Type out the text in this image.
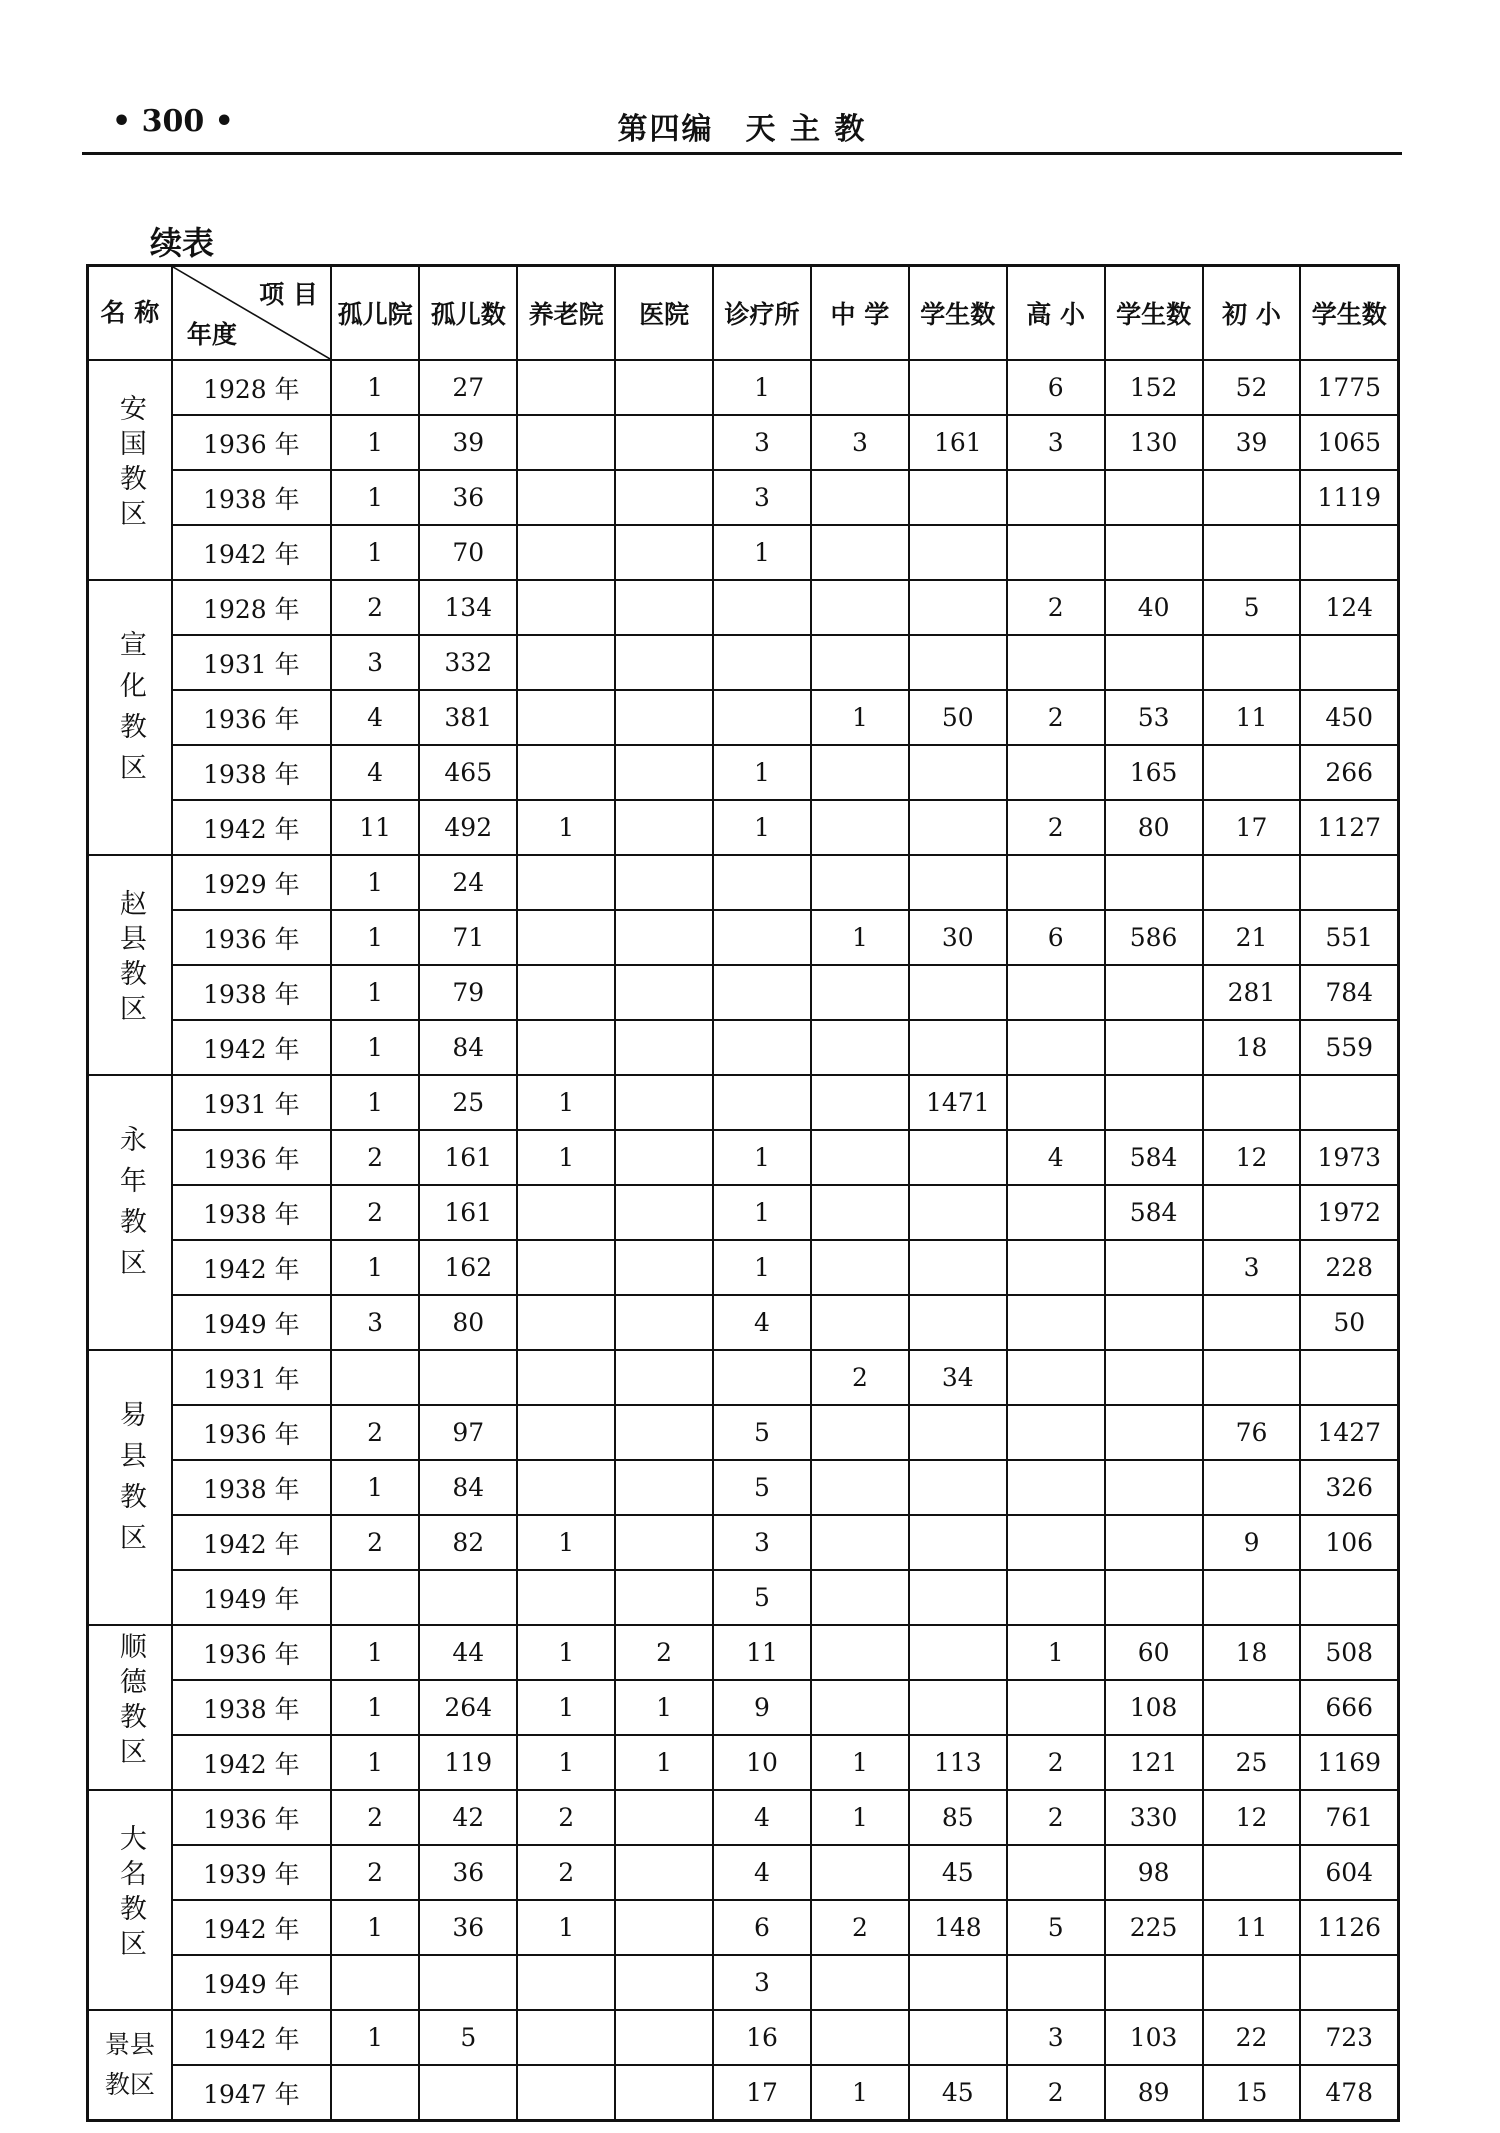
• 300 •	第四编　天 主 教
续表
名 称	项 目
年度	孤儿院	孤儿数	养老院	医院	诊疗所	中 学	学生数	高 小	学生数	初 小	学生数
安国教区	1928 年	1	27			1			6	152	52	1775
	1936 年	1	39			3	3	161	3	130	39	1065
	1938 年	1	36			3						1119
	1942 年	1	70			1						
宣化教区	1928 年	2	134						2	40	5	124
	1931 年	3	332									
	1936 年	4	381				1	50	2	53	11	450
	1938 年	4	465			1				165		266
	1942 年	11	492	1		1			2	80	17	1127
赵县教区	1929 年	1	24									
	1936 年	1	71				1	30	6	586	21	551
	1938 年	1	79								281	784
	1942 年	1	84								18	559
永年教区	1931 年	1	25	1				1471				
	1936 年	2	161	1		1			4	584	12	1973
	1938 年	2	161			1				584		1972
	1942 年	1	162			1					3	228
	1949 年	3	80			4						50
易县教区	1931 年						2	34				
	1936 年	2	97			5					76	1427
	1938 年	1	84			5						326
	1942 年	2	82	1		3					9	106
	1949 年					5						
顺德教区	1936 年	1	44	1	2	11			1	60	18	508
	1938 年	1	264	1	1	9				108		666
	1942 年	1	119	1	1	10	1	113	2	121	25	1169
大名教区	1936 年	2	42	2		4	1	85	2	330	12	761
	1939 年	2	36	2		4		45		98		604
	1942 年	1	36	1		6	2	148	5	225	11	1126
	1949 年					3						

景县教区	1942 年	1	5			16			3	103	22	723
	1947 年					17	1	45	2	89	15	478
